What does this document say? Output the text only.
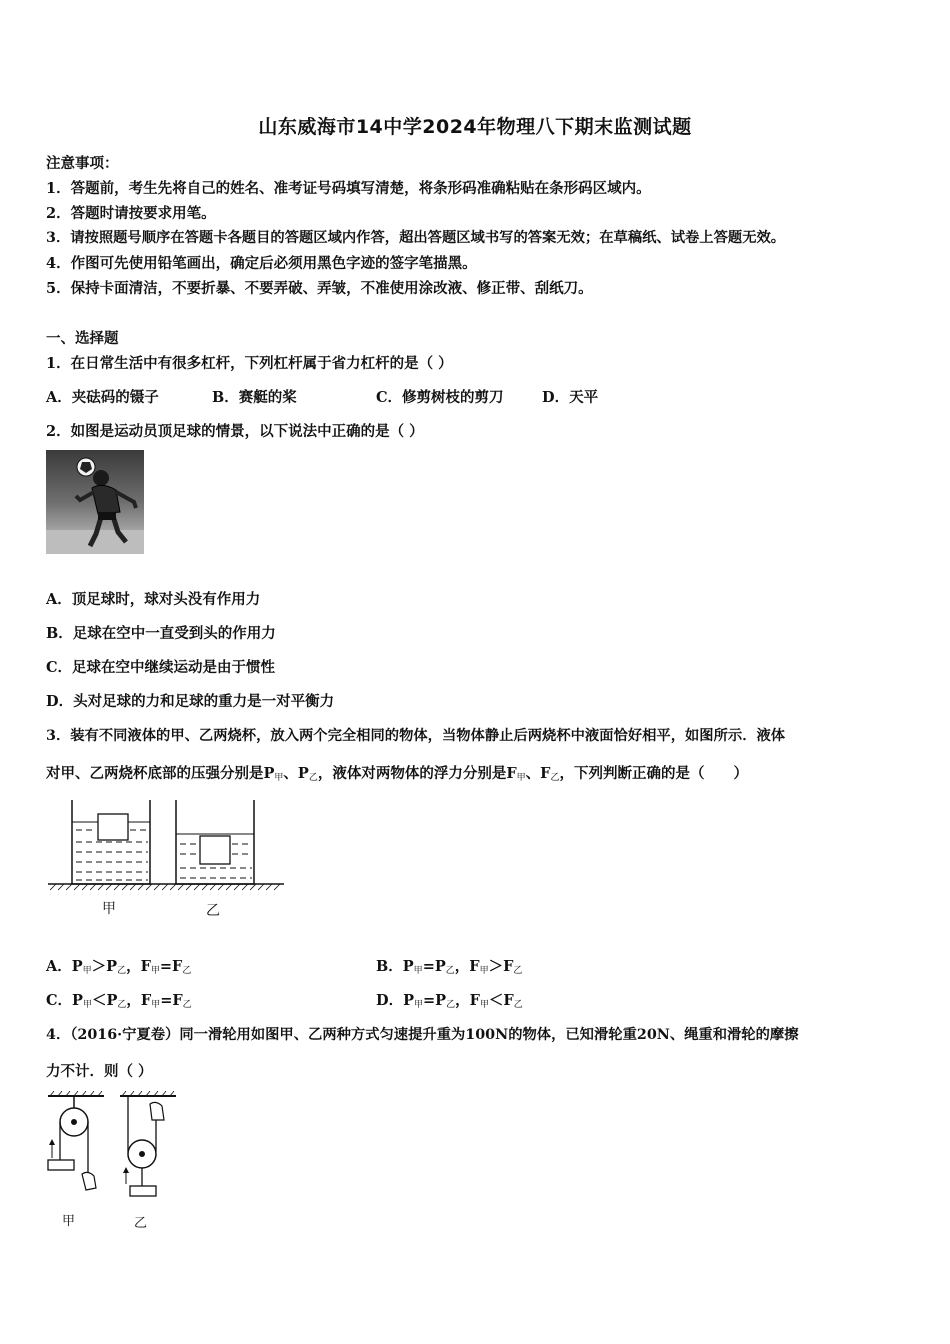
山东威海市14中学2024年物理八下期末监测试题
注意事项：
1．答题前，考生先将自己的姓名、准考证号码填写清楚，将条形码准确粘贴在条形码区域内。
2．答题时请按要求用笔。
3．请按照题号顺序在答题卡各题目的答题区域内作答，超出答题区域书写的答案无效；在草稿纸、试卷上答题无效。
4．作图可先使用铅笔画出，确定后必须用黑色字迹的签字笔描黑。
5．保持卡面清洁，不要折暴、不要弄破、弄皱，不准使用涂改液、修正带、刮纸刀。
一、选择题
1．在日常生活中有很多杠杆，下列杠杆属于省力杠杆的是（ ）
A．夹砝码的镊子	B．赛艇的桨	C．修剪树枝的剪刀	D．天平
2．如图是运动员顶足球的情景，以下说法中正确的是（ ）
A．顶足球时，球对头没有作用力
B．足球在空中一直受到头的作用力
C．足球在空中继续运动是由于惯性
D．头对足球的力和足球的重力是一对平衡力
3．装有不同液体的甲、乙两烧杯，放入两个完全相同的物体，当物体静止后两烧杯中液面恰好相平，如图所示．液体
对甲、乙两烧杯底部的压强分别是$P_甲$、$P_乙$，液体对两物体的浮力分别是$F_甲$、$F_乙$，下列判断正确的是（　　）
甲	乙
A．$P_甲>P_乙$，$F_甲=F_乙$	B．$P_甲=P_乙$，$F_甲>F_乙$
C．$P_甲<P_乙$，$F_甲=F_乙$	D．$P_甲=P_乙$，$F_甲<F_乙$
4．（2016·宁夏卷）同一滑轮用如图甲、乙两种方式匀速提升重为100N的物体，已知滑轮重20N、绳重和滑轮的摩擦
力不计．则（ ）
甲	乙
